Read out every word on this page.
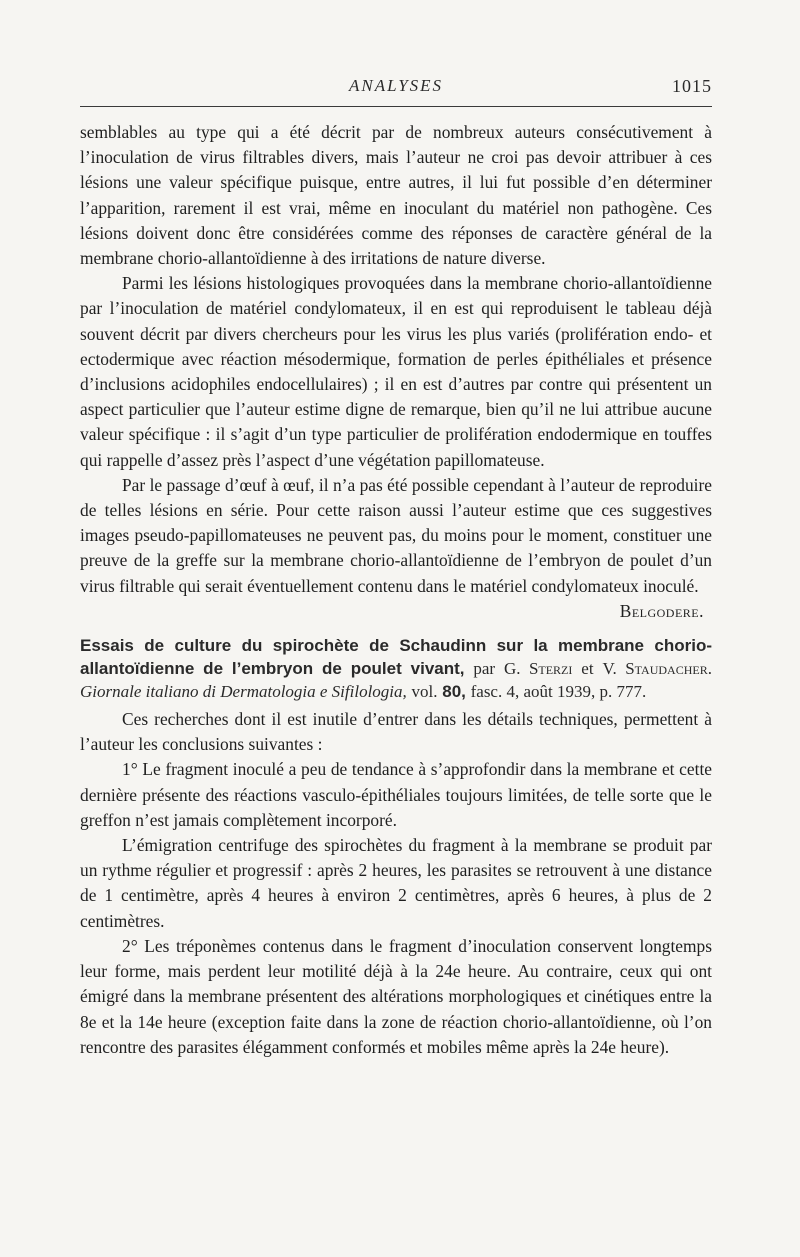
ANALYSES	1015

semblables au type qui a été décrit par de nombreux auteurs consécutivement à l’inoculation de virus filtrables divers, mais l’auteur ne croi pas devoir attribuer à ces lésions une valeur spécifique puisque, entre autres, il lui fut possible d’en déterminer l’apparition, rarement il est vrai, même en inoculant du matériel non pathogène. Ces lésions doivent donc être considérées comme des réponses de caractère général de la membrane chorio-allantoïdienne à des irritations de nature diverse.

Parmi les lésions histologiques provoquées dans la membrane chorio-allantoïdienne par l’inoculation de matériel condylomateux, il en est qui reproduisent le tableau déjà souvent décrit par divers chercheurs pour les virus les plus variés (prolifération endo- et ectodermique avec réaction mésodermique, formation de perles épithéliales et présence d’inclusions acidophiles endocellulaires) ; il en est d’autres par contre qui présentent un aspect particulier que l’auteur estime digne de remarque, bien qu’il ne lui attribue aucune valeur spécifique : il s’agit d’un type particulier de prolifération endodermique en touffes qui rappelle d’assez près l’aspect d’une végétation papillomateuse.

Par le passage d’œuf à œuf, il n’a pas été possible cependant à l’auteur de reproduire de telles lésions en série. Pour cette raison aussi l’auteur estime que ces suggestives images pseudo-papillomateuses ne peuvent pas, du moins pour le moment, constituer une preuve de la greffe sur la membrane chorio-allantoïdienne de l’embryon de poulet d’un virus filtrable qui serait éventuellement contenu dans le matériel condylomateux inoculé.

Belgodere.

Essais de culture du spirochète de Schaudinn sur la membrane chorio-allantoïdienne de l’embryon de poulet vivant, par G. Sterzi et V. Staudacher. Giornale italiano di Dermatologia e Sifilologia, vol. 80, fasc. 4, août 1939, p. 777.

Ces recherches dont il est inutile d’entrer dans les détails techniques, permettent à l’auteur les conclusions suivantes :

1° Le fragment inoculé a peu de tendance à s’approfondir dans la membrane et cette dernière présente des réactions vasculo-épithéliales toujours limitées, de telle sorte que le greffon n’est jamais complètement incorporé.

L’émigration centrifuge des spirochètes du fragment à la membrane se produit par un rythme régulier et progressif : après 2 heures, les parasites se retrouvent à une distance de 1 centimètre, après 4 heures à environ 2 centimètres, après 6 heures, à plus de 2 centimètres.

2° Les tréponèmes contenus dans le fragment d’inoculation conservent longtemps leur forme, mais perdent leur motilité déjà à la 24e heure. Au contraire, ceux qui ont émigré dans la membrane présentent des altérations morphologiques et cinétiques entre la 8e et la 14e heure (exception faite dans la zone de réaction chorio-allantoïdienne, où l’on rencontre des parasites élégamment conformés et mobiles même après la 24e heure).
